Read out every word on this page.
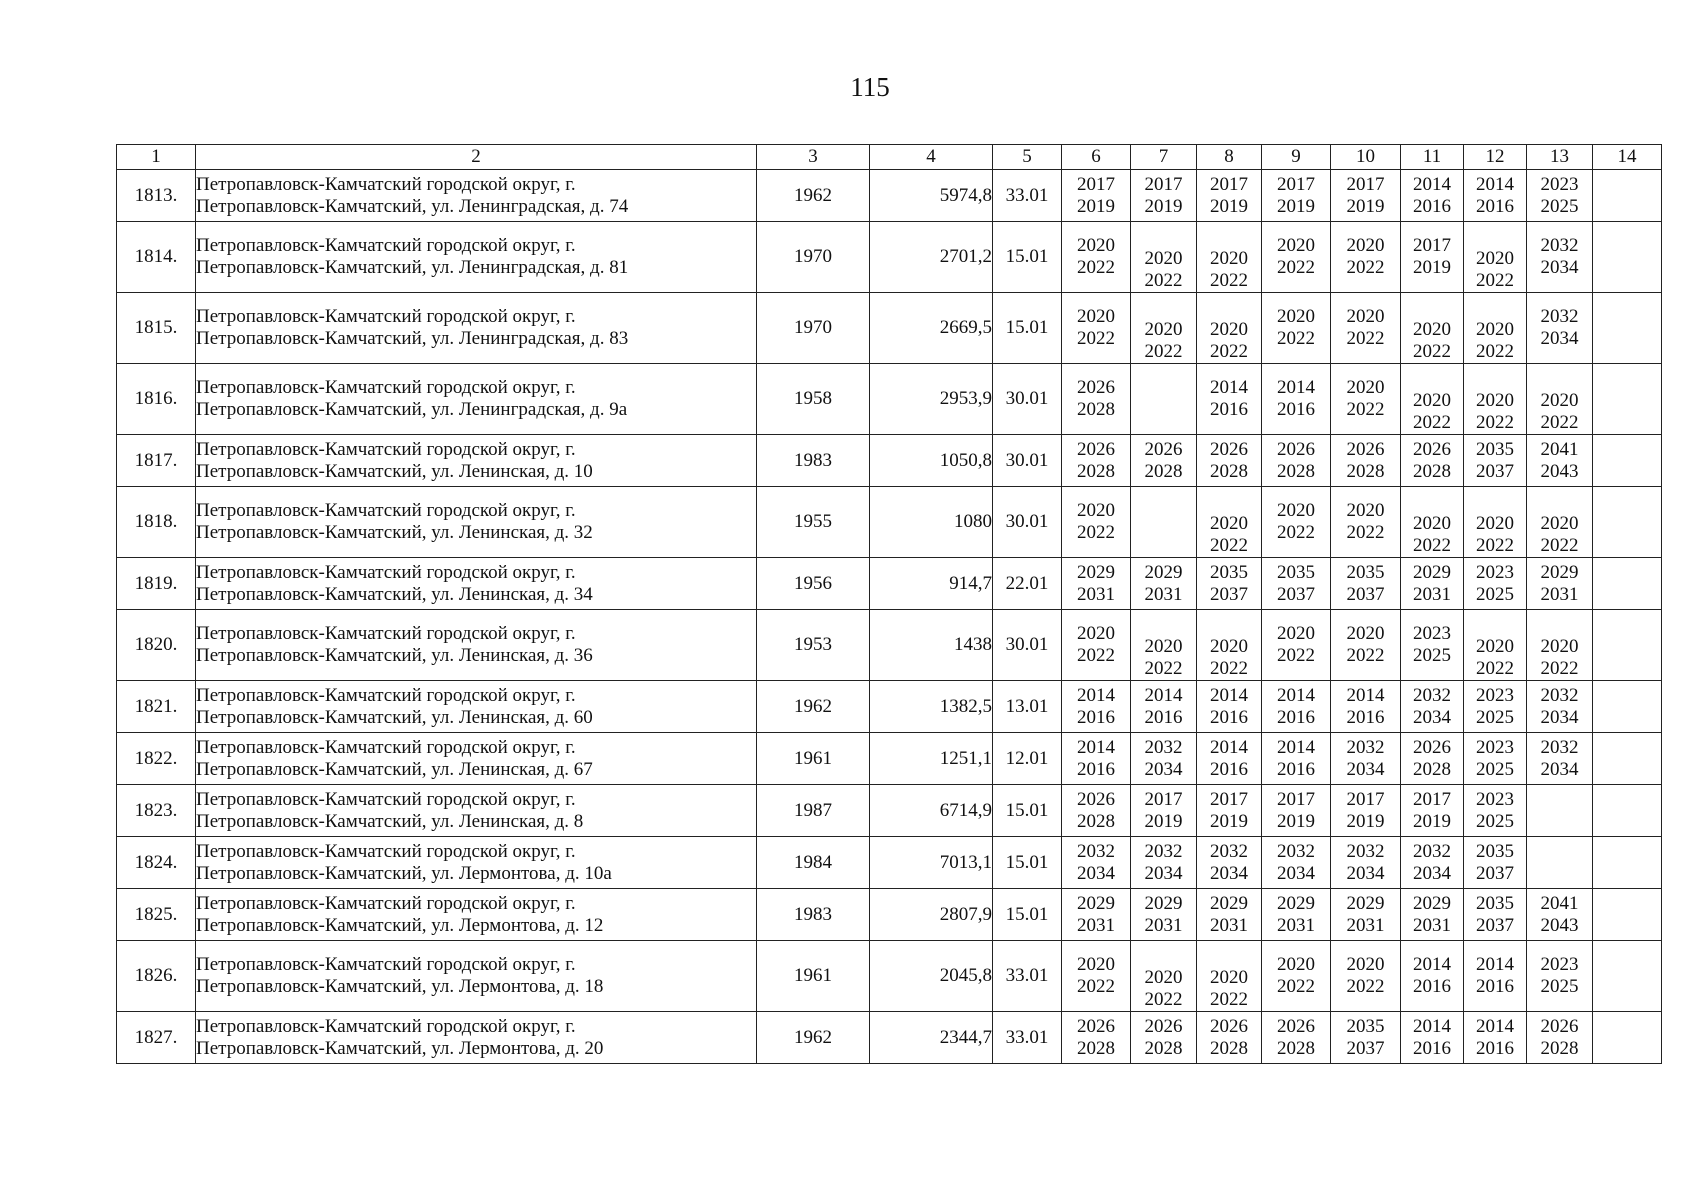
115
1	2	3	4	5	6	7	8	9	10	11	12	13	14
1813.	Петропавловск-Камчатский городской округ, г.
Петропавловск-Камчатский, ул. Ленинградская, д. 74	1962	5974,8	33.01	2017
2019	2017
2019	2017
2019	2017
2019	2017
2019	2014
2016	2014
2016	2023
2025	

1814.	Петропавловск-Камчатский городской округ, г.
Петропавловск-Камчатский, ул. Ленинградская, д. 81	1970	2701,2	15.01	2020
2022	2020
2022	2020
2022	2020
2022	2020
2022	2017
2019	2020
2022	2032
2034	

1815.	Петропавловск-Камчатский городской округ, г.
Петропавловск-Камчатский, ул. Ленинградская, д. 83	1970	2669,5	15.01	2020
2022	2020
2022	2020
2022	2020
2022	2020
2022	2020
2022	2020
2022	2032
2034	

1816.	Петропавловск-Камчатский городской округ, г.
Петропавловск-Камчатский, ул. Ленинградская, д. 9а	1958	2953,9	30.01	2026
2028		2014
2016	2014
2016	2020
2022	2020
2022	2020
2022	2020
2022	

1817.	Петропавловск-Камчатский городской округ, г.
Петропавловск-Камчатский, ул. Ленинская, д. 10	1983	1050,8	30.01	2026
2028	2026
2028	2026
2028	2026
2028	2026
2028	2026
2028	2035
2037	2041
2043	

1818.	Петропавловск-Камчатский городской округ, г.
Петропавловск-Камчатский, ул. Ленинская, д. 32	1955	1080	30.01	2020
2022		2020
2022	2020
2022	2020
2022	2020
2022	2020
2022	2020
2022	

1819.	Петропавловск-Камчатский городской округ, г.
Петропавловск-Камчатский, ул. Ленинская, д. 34	1956	914,7	22.01	2029
2031	2029
2031	2035
2037	2035
2037	2035
2037	2029
2031	2023
2025	2029
2031	

1820.	Петропавловск-Камчатский городской округ, г.
Петропавловск-Камчатский, ул. Ленинская, д. 36	1953	1438	30.01	2020
2022	2020
2022	2020
2022	2020
2022	2020
2022	2023
2025	2020
2022	2020
2022	

1821.	Петропавловск-Камчатский городской округ, г.
Петропавловск-Камчатский, ул. Ленинская, д. 60	1962	1382,5	13.01	2014
2016	2014
2016	2014
2016	2014
2016	2014
2016	2032
2034	2023
2025	2032
2034	

1822.	Петропавловск-Камчатский городской округ, г.
Петропавловск-Камчатский, ул. Ленинская, д. 67	1961	1251,1	12.01	2014
2016	2032
2034	2014
2016	2014
2016	2032
2034	2026
2028	2023
2025	2032
2034	

1823.	Петропавловск-Камчатский городской округ, г.
Петропавловск-Камчатский, ул. Ленинская, д. 8	1987	6714,9	15.01	2026
2028	2017
2019	2017
2019	2017
2019	2017
2019	2017
2019	2023
2025		

1824.	Петропавловск-Камчатский городской округ, г.
Петропавловск-Камчатский, ул. Лермонтова, д. 10а	1984	7013,1	15.01	2032
2034	2032
2034	2032
2034	2032
2034	2032
2034	2032
2034	2035
2037		

1825.	Петропавловск-Камчатский городской округ, г.
Петропавловск-Камчатский, ул. Лермонтова, д. 12	1983	2807,9	15.01	2029
2031	2029
2031	2029
2031	2029
2031	2029
2031	2029
2031	2035
2037	2041
2043	

1826.	Петропавловск-Камчатский городской округ, г.
Петропавловск-Камчатский, ул. Лермонтова, д. 18	1961	2045,8	33.01	2020
2022	2020
2022	2020
2022	2020
2022	2020
2022	2014
2016	2014
2016	2023
2025	

1827.	Петропавловск-Камчатский городской округ, г.
Петропавловск-Камчатский, ул. Лермонтова, д. 20	1962	2344,7	33.01	2026
2028	2026
2028	2026
2028	2026
2028	2035
2037	2014
2016	2014
2016	2026
2028	
